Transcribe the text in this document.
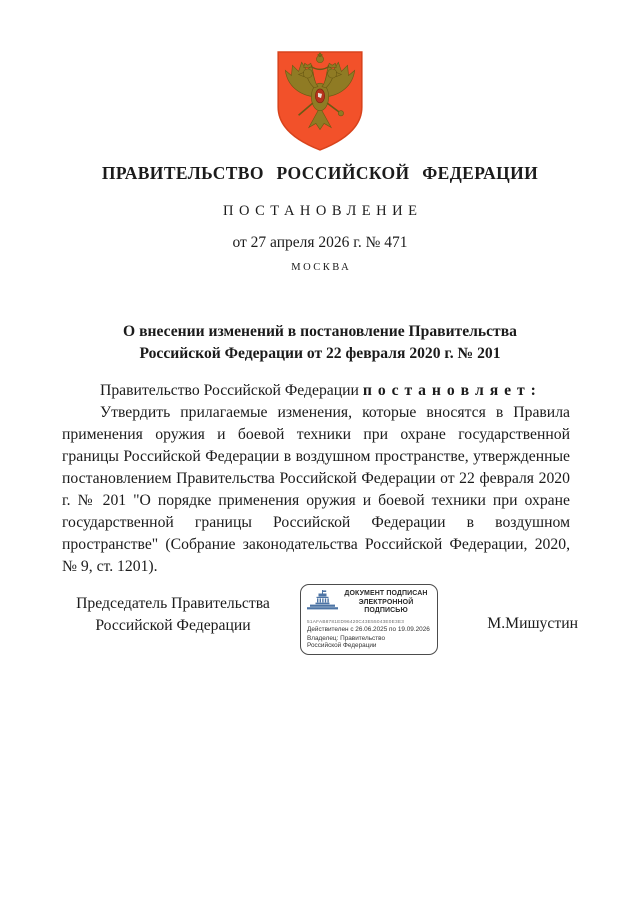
ПРАВИТЕЛЬСТВО РОССИЙСКОЙ ФЕДЕРАЦИИ
ПОСТАНОВЛЕНИЕ
от 27 апреля 2026 г. № 471
МОСКВА
О внесении изменений в постановление Правительства
Российской Федерации от 22 февраля 2020 г. № 201

Правительство Российской Федерации п о с т а н о в л я е т :

Утвердить прилагаемые изменения, которые вносятся в Правила применения оружия и боевой техники при охране государственной границы Российской Федерации в воздушном пространстве, утвержденные постановлением Правительства Российской Федерации от 22 февраля 2020 г. № 201 "О порядке применения оружия и боевой техники при охране государственной границы Российской Федерации в воздушном пространстве" (Собрание законодательства Российской Федерации, 2020, № 9, ст. 1201).

Председатель Правительства
Российской Федерации
ДОКУМЕНТ ПОДПИСАН
ЭЛЕКТРОННОЙ ПОДПИСЬЮ
51AFAB8781ED96420C43E55043E0E3E3
Действителен с 26.06.2025 по 19.09.2026
Владелец: Правительство Российской Федерации
М.Мишустин
